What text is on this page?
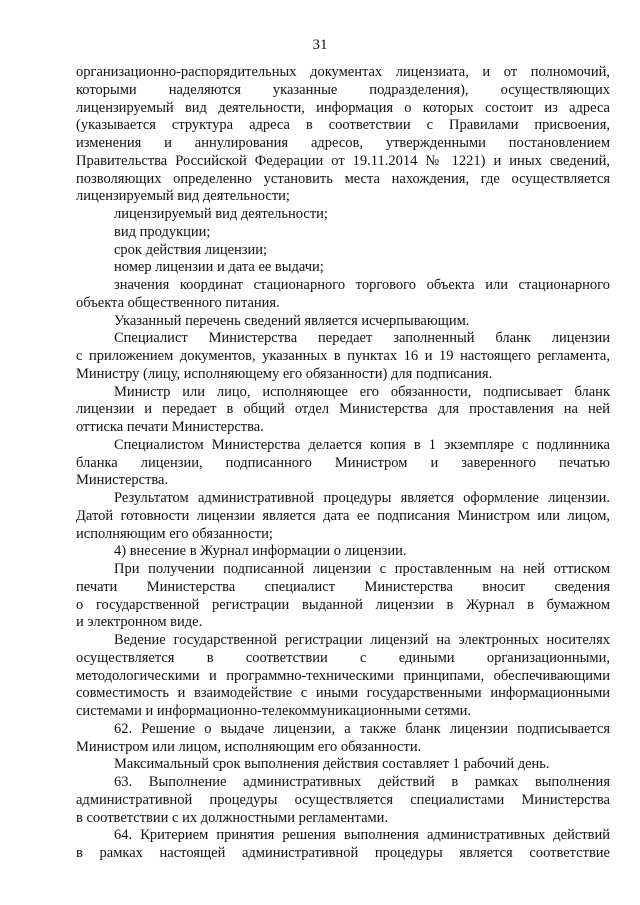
31
организационно-распорядительных документах лицензиата, и от полномочий,
которыми наделяются указанные подразделения), осуществляющих
лицензируемый вид деятельности, информация о которых состоит из адреса
(указывается структура адреса в соответствии с Правилами присвоения,
изменения и аннулирования адресов, утвержденными постановлением
Правительства Российской Федерации от 19.11.2014 № 1221) и иных сведений,
позволяющих определенно установить места нахождения, где осуществляется
лицензируемый вид деятельности;
лицензируемый вид деятельности;
вид продукции;
срок действия лицензии;
номер лицензии и дата ее выдачи;
значения координат стационарного торгового объекта или стационарного
объекта общественного питания.
Указанный перечень сведений является исчерпывающим.
Специалист Министерства передает заполненный бланк лицензии
с приложением документов, указанных в пунктах 16 и 19 настоящего регламента,
Министру (лицу, исполняющему его обязанности) для подписания.
Министр или лицо, исполняющее его обязанности, подписывает бланк
лицензии и передает в общий отдел Министерства для проставления на ней
оттиска печати Министерства.
Специалистом Министерства делается копия в 1 экземпляре с подлинника
бланка лицензии, подписанного Министром и заверенного печатью
Министерства.
Результатом административной процедуры является оформление лицензии.
Датой готовности лицензии является дата ее подписания Министром или лицом,
исполняющим его обязанности;
4) внесение в Журнал информации о лицензии.
При получении подписанной лицензии с проставленным на ней оттиском
печати Министерства специалист Министерства вносит сведения
о государственной регистрации выданной лицензии в Журнал в бумажном
и электронном виде.
Ведение государственной регистрации лицензий на электронных носителях
осуществляется в соответствии с едиными организационными,
методологическими и программно-техническими принципами, обеспечивающими
совместимость и взаимодействие с иными государственными информационными
системами и информационно-телекоммуникационными сетями.
62. Решение о выдаче лицензии, а также бланк лицензии подписывается
Министром или лицом, исполняющим его обязанности.
Максимальный срок выполнения действия составляет 1 рабочий день.
63. Выполнение административных действий в рамках выполнения
административной процедуры осуществляется специалистами Министерства
в соответствии с их должностными регламентами.
64. Критерием принятия решения выполнения административных действий
в рамках настоящей административной процедуры является соответствие
